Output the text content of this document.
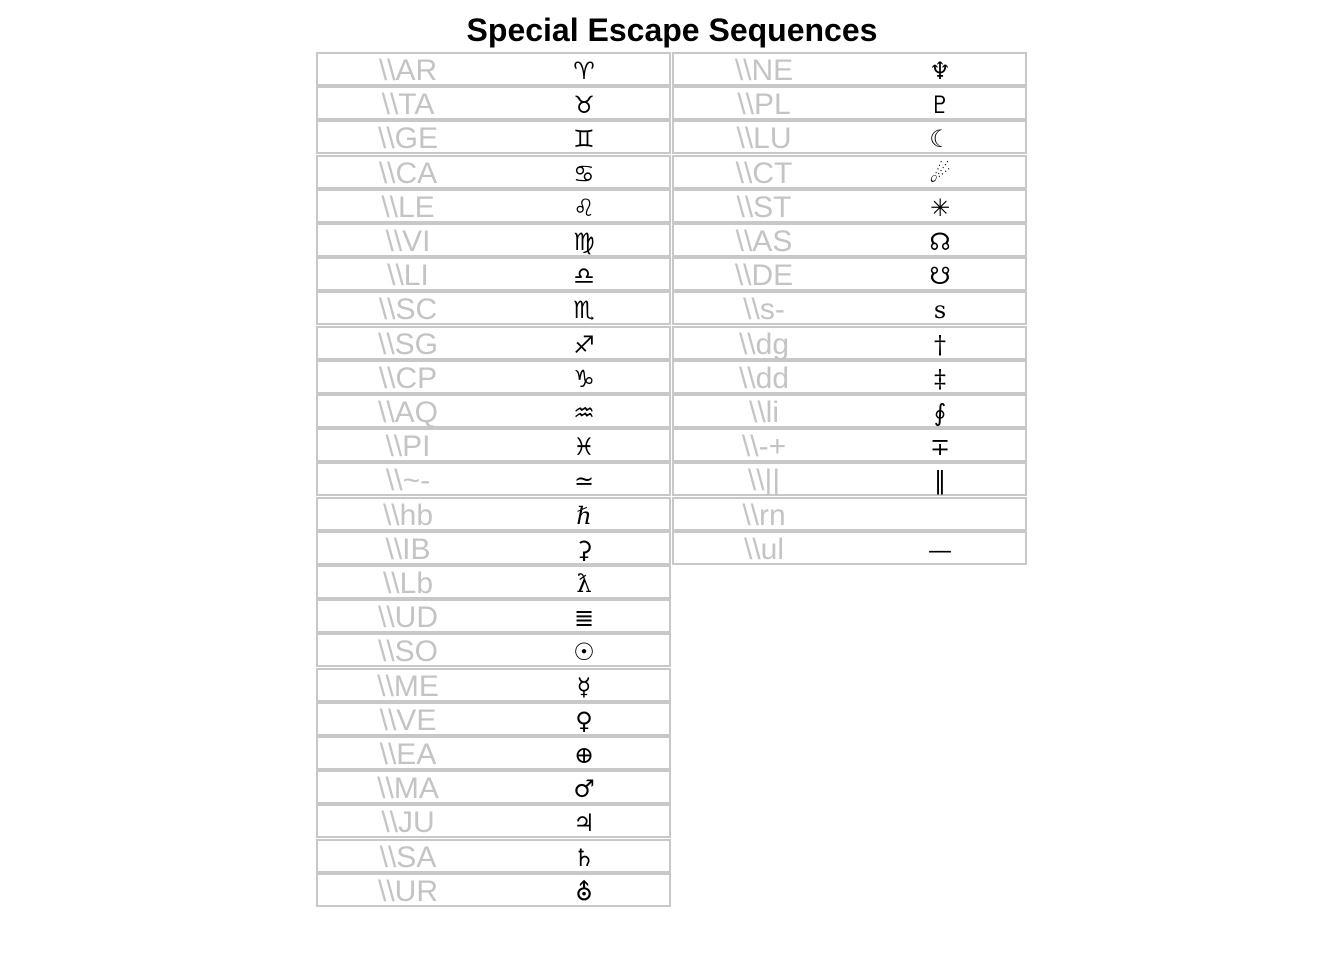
Special Escape Sequences
\\AR	♈
\\TA	♉
\\GE	♊
\\CA	♋
\\LE	♌
\\VI	♍
\\LI	♎
\\SC	♏
\\SG	♐
\\CP	♑
\\AQ	♒
\\PI	♓
\\~-	≃
\\hb	ℏ
\\IB	⚳
\\Lb	ƛ
\\UD	≣
\\SO	☉
\\ME	☿
\\VE	♀
\\EA	⊕
\\MA	♂
\\JU	♃
\\SA	♄
\\UR	⛢
\\NE	♆
\\PL	♇
\\LU	☾
\\CT	☄
\\ST	✳
\\AS	☊
\\DE	☋
\\s-	s
\\dg	†
\\dd	‡
\\li	∮
\\-+	∓
\\||	‖
\\rn
\\ul	—
